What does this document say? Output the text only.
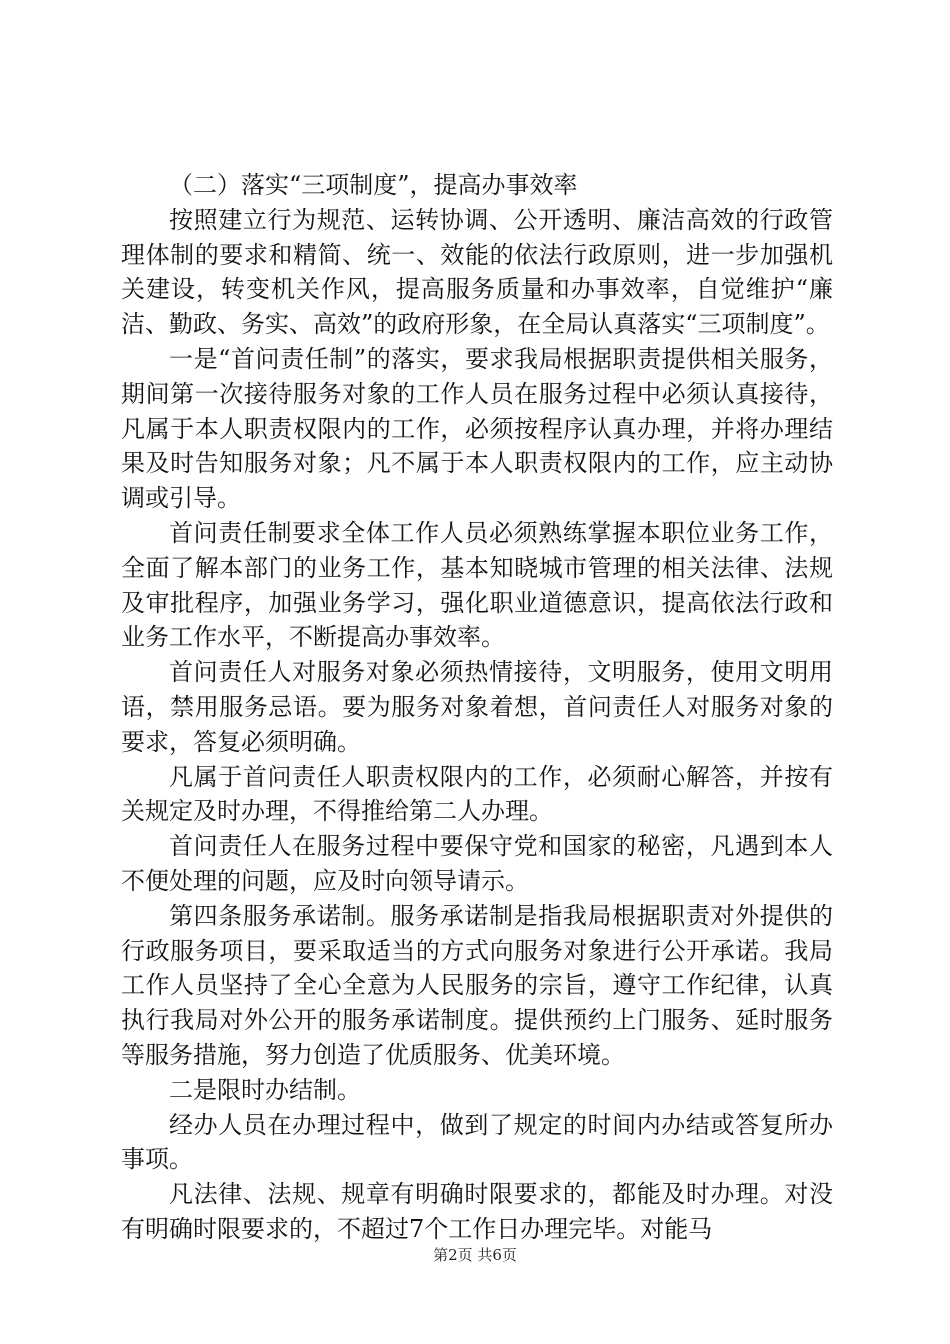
（二）落实“三项制度”，提高办事效率

按照建立行为规范、运转协调、公开透明、廉洁高效的行政管理体制的要求和精简、统一、效能的依法行政原则，进一步加强机关建设，转变机关作风，提高服务质量和办事效率，自觉维护“廉洁、勤政、务实、高效”的政府形象，在全局认真落实“三项制度”。

一是“首问责任制”的落实，要求我局根据职责提供相关服务，期间第一次接待服务对象的工作人员在服务过程中必须认真接待，凡属于本人职责权限内的工作，必须按程序认真办理，并将办理结果及时告知服务对象；凡不属于本人职责权限内的工作，应主动协调或引导。

首问责任制要求全体工作人员必须熟练掌握本职位业务工作，全面了解本部门的业务工作，基本知晓城市管理的相关法律、法规及审批程序，加强业务学习，强化职业道德意识，提高依法行政和业务工作水平，不断提高办事效率。

首问责任人对服务对象必须热情接待，文明服务，使用文明用语，禁用服务忌语。要为服务对象着想，首问责任人对服务对象的要求，答复必须明确。

凡属于首问责任人职责权限内的工作，必须耐心解答，并按有关规定及时办理，不得推给第二人办理。

首问责任人在服务过程中要保守党和国家的秘密，凡遇到本人不便处理的问题，应及时向领导请示。

第四条服务承诺制。服务承诺制是指我局根据职责对外提供的行政服务项目，要采取适当的方式向服务对象进行公开承诺。我局工作人员坚持了全心全意为人民服务的宗旨，遵守工作纪律，认真执行我局对外公开的服务承诺制度。提供预约上门服务、延时服务等服务措施，努力创造了优质服务、优美环境。

二是限时办结制。

经办人员在办理过程中，做到了规定的时间内办结或答复所办事项。

凡法律、法规、规章有明确时限要求的，都能及时办理。对没有明确时限要求的，不超过7个工作日办理完毕。对能马

第2页 共6页
